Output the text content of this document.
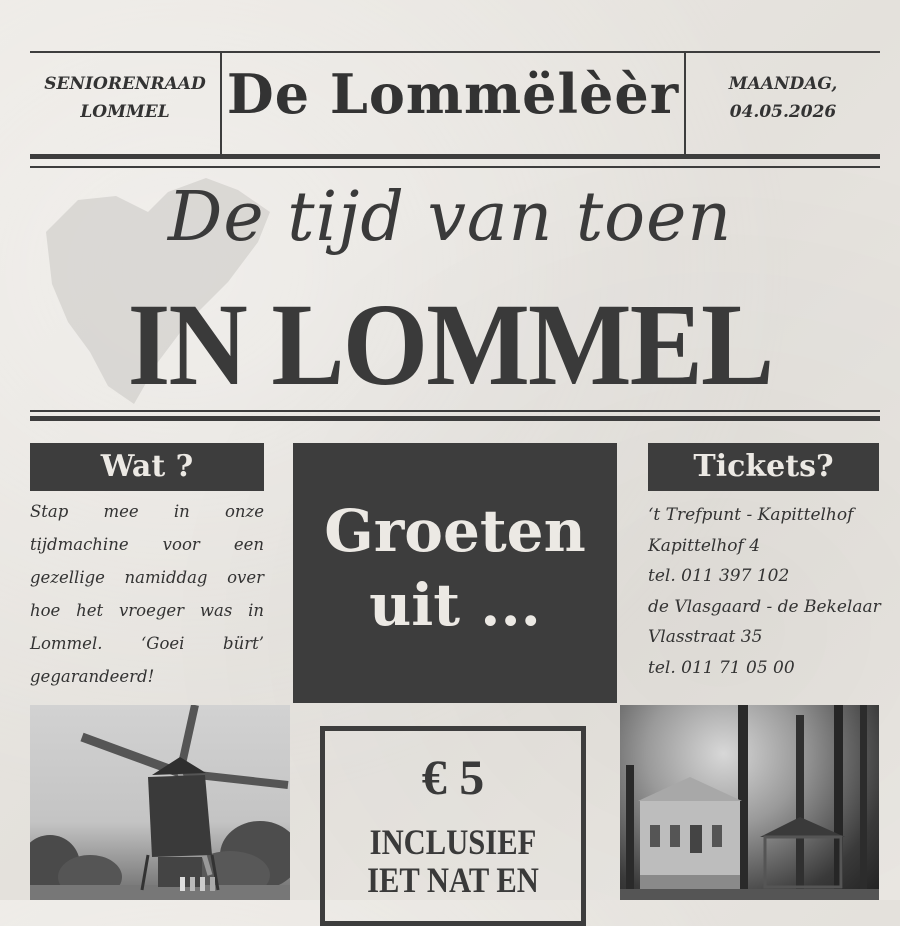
SENIORENRAAD
LOMMEL	De Lommëlèèr	MAANDAG,
04.05.2026
De tijd van toen
IN LOMMEL
Wat ?
Stap mee in onze tijdmachine voor een gezellige namiddag over hoe het vroeger was in Lommel. ‘Goei bürt’ gegarandeerd!
Groeten
uit ...
Tickets?
‘t Trefpunt - Kapittelhof
Kapittelhof 4
tel. 011 397 102
de Vlasgaard - de Bekelaar
Vlasstraat 35
tel. 011 71 05 00
€ 5
INCLUSIEF
IET NAT EN
